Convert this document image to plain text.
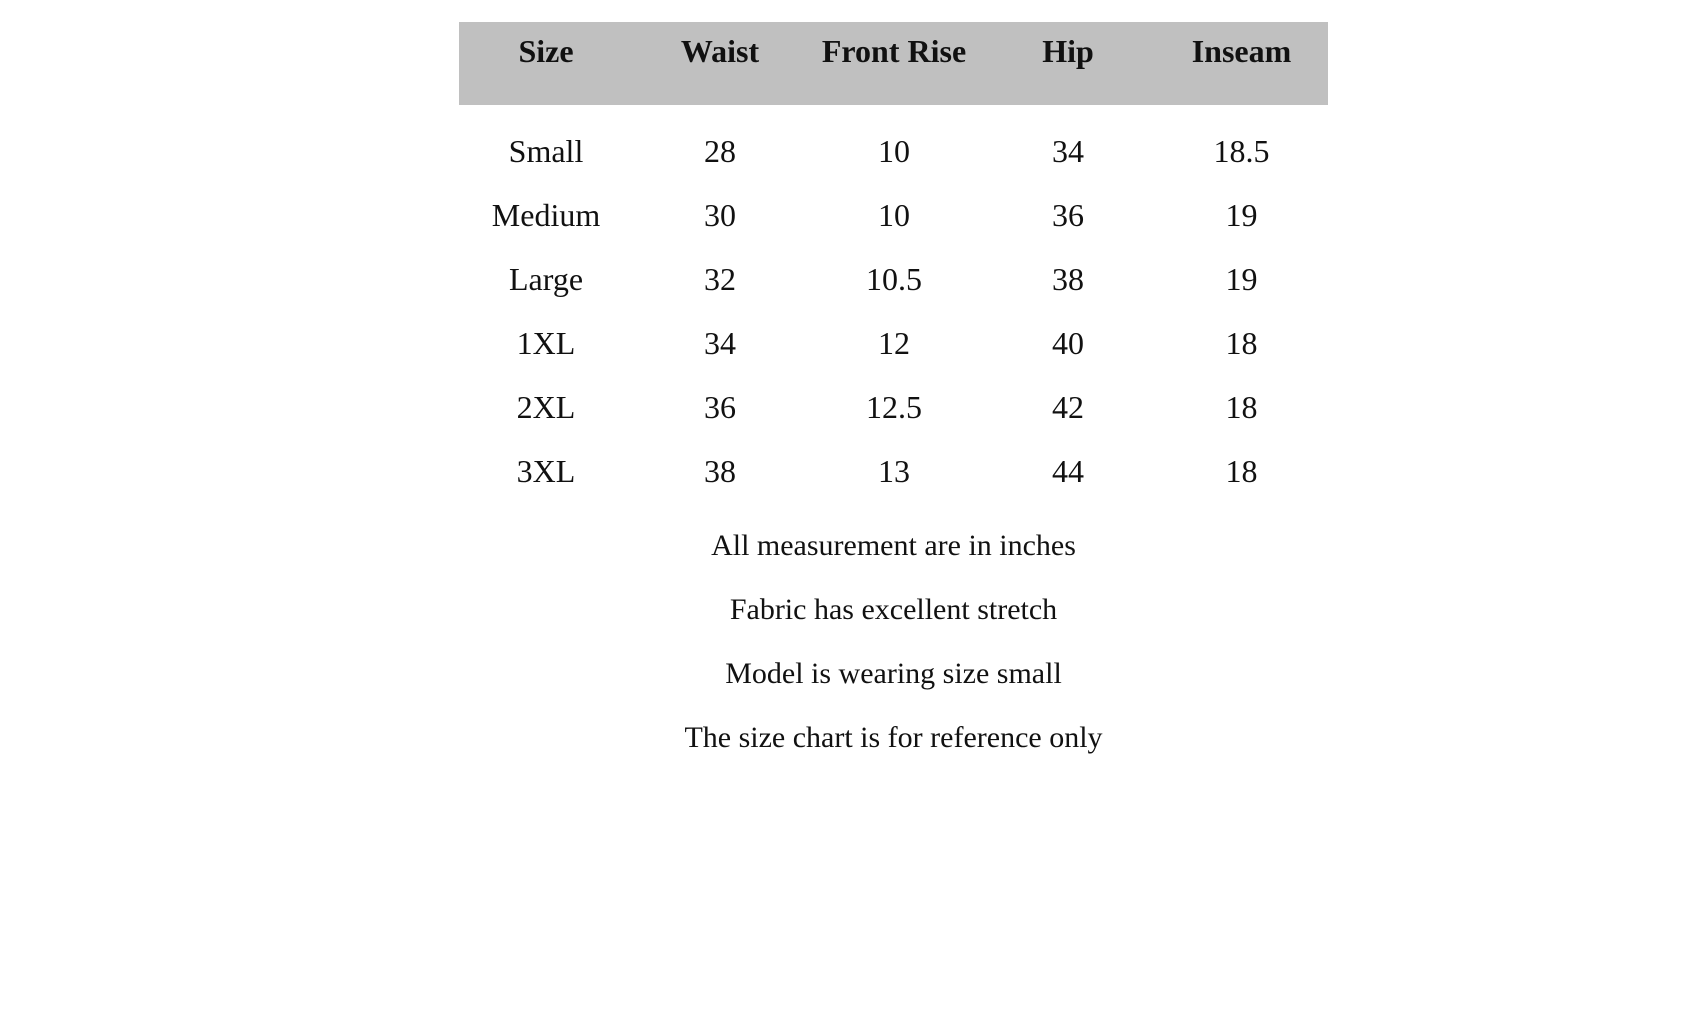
Size	Waist	Front Rise	Hip	Inseam
Small	28	10	34	18.5
Medium	30	10	36	19
Large	32	10.5	38	19
1XL	34	12	40	18
2XL	36	12.5	42	18
3XL	38	13	44	18
All measurement are in inches
Fabric has excellent stretch
Model is wearing size small
The size chart is for reference only
